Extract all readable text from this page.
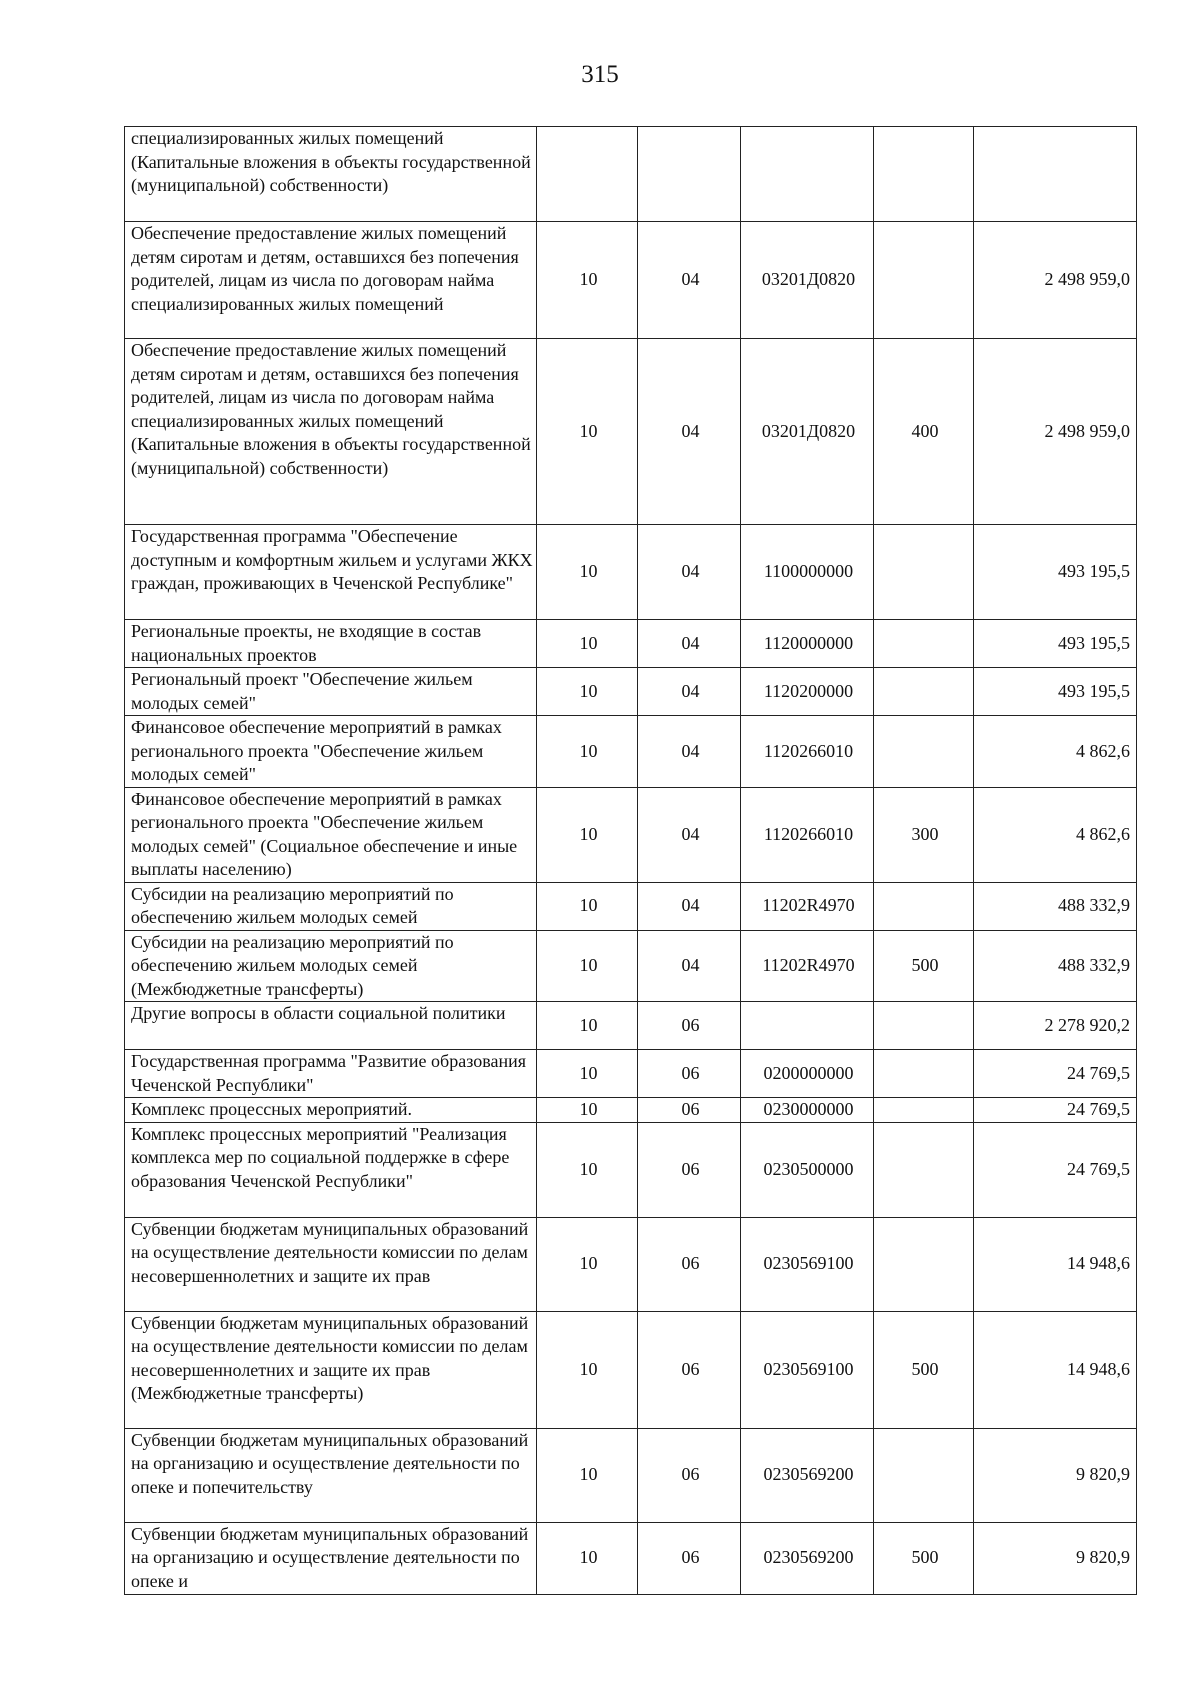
315
специализированных жилых помещений (Капитальные вложения в объекты государственной (муниципальной) собственности)					
Обеспечение предоставление жилых помещений детям сиротам и детям, оставшихся без попечения родителей, лицам из числа по договорам найма специализированных жилых помещений	10	04	03201Д0820		2 498 959,0
Обеспечение предоставление жилых помещений детям сиротам и детям, оставшихся без попечения родителей, лицам из числа по договорам найма специализированных жилых помещений (Капитальные вложения в объекты государственной (муниципальной) собственности)	10	04	03201Д0820	400	2 498 959,0
Государственная программа "Обеспечение доступным и комфортным жильем и услугами ЖКХ граждан, проживающих в Чеченской Республике"	10	04	1100000000		493 195,5
Региональные проекты, не входящие в состав национальных проектов	10	04	1120000000		493 195,5
Региональный проект "Обеспечение жильем молодых семей"	10	04	1120200000		493 195,5
Финансовое обеспечение мероприятий в рамках регионального проекта "Обеспечение жильем молодых семей"	10	04	1120266010		4 862,6
Финансовое обеспечение мероприятий в рамках регионального проекта "Обеспечение жильем молодых семей" (Социальное обеспечение и иные выплаты населению)	10	04	1120266010	300	4 862,6
Субсидии на реализацию мероприятий по обеспечению жильем молодых семей	10	04	11202R4970		488 332,9
Субсидии на реализацию мероприятий по обеспечению жильем молодых семей (Межбюджетные трансферты)	10	04	11202R4970	500	488 332,9
Другие вопросы в области социальной политики	10	06			2 278 920,2
Государственная программа "Развитие образования Чеченской Республики"	10	06	0200000000		24 769,5
Комплекс процессных мероприятий.	10	06	0230000000		24 769,5
Комплекс процессных мероприятий "Реализация комплекса мер по социальной поддержке в сфере образования Чеченской Республики"	10	06	0230500000		24 769,5
Субвенции бюджетам муниципальных образований на осуществление деятельности комиссии по делам несовершеннолетних и защите их прав	10	06	0230569100		14 948,6
Субвенции бюджетам муниципальных образований на осуществление деятельности комиссии по делам несовершеннолетних и защите их прав (Межбюджетные трансферты)	10	06	0230569100	500	14 948,6
Субвенции бюджетам муниципальных образований на организацию и осуществление деятельности по опеке и попечительству	10	06	0230569200		9 820,9
Субвенции бюджетам муниципальных образований на организацию и осуществление деятельности по опеке и	10	06	0230569200	500	9 820,9
